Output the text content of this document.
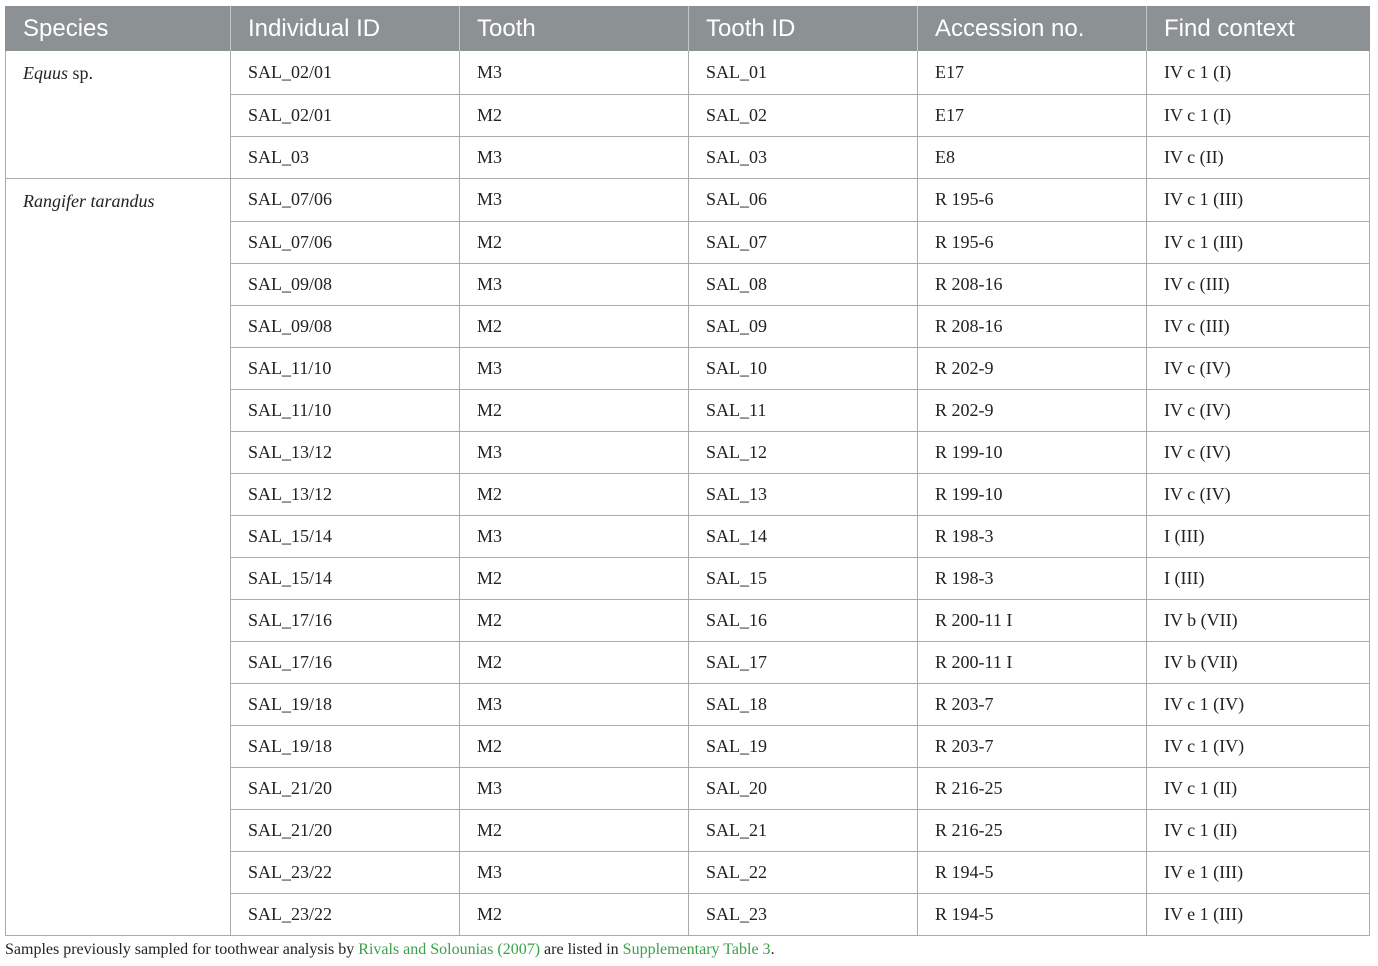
Species	Individual ID	Tooth	Tooth ID	Accession no.	Find context
Equus sp.	SAL_02/01	M3	SAL_01	E17	IV c 1 (I)
	SAL_02/01	M2	SAL_02	E17	IV c 1 (I)
	SAL_03	M3	SAL_03	E8	IV c (II)
Rangifer tarandus	SAL_07/06	M3	SAL_06	R 195-6	IV c 1 (III)
	SAL_07/06	M2	SAL_07	R 195-6	IV c 1 (III)
	SAL_09/08	M3	SAL_08	R 208-16	IV c (III)
	SAL_09/08	M2	SAL_09	R 208-16	IV c (III)
	SAL_11/10	M3	SAL_10	R 202-9	IV c (IV)
	SAL_11/10	M2	SAL_11	R 202-9	IV c (IV)
	SAL_13/12	M3	SAL_12	R 199-10	IV c (IV)
	SAL_13/12	M2	SAL_13	R 199-10	IV c (IV)
	SAL_15/14	M3	SAL_14	R 198-3	I (III)
	SAL_15/14	M2	SAL_15	R 198-3	I (III)
	SAL_17/16	M2	SAL_16	R 200-11 I	IV b (VII)
	SAL_17/16	M2	SAL_17	R 200-11 I	IV b (VII)
	SAL_19/18	M3	SAL_18	R 203-7	IV c 1 (IV)
	SAL_19/18	M2	SAL_19	R 203-7	IV c 1 (IV)
	SAL_21/20	M3	SAL_20	R 216-25	IV c 1 (II)
	SAL_21/20	M2	SAL_21	R 216-25	IV c 1 (II)
	SAL_23/22	M3	SAL_22	R 194-5	IV e 1 (III)
	SAL_23/22	M2	SAL_23	R 194-5	IV e 1 (III)
Samples previously sampled for toothwear analysis by Rivals and Solounias (2007) are listed in Supplementary Table 3.
